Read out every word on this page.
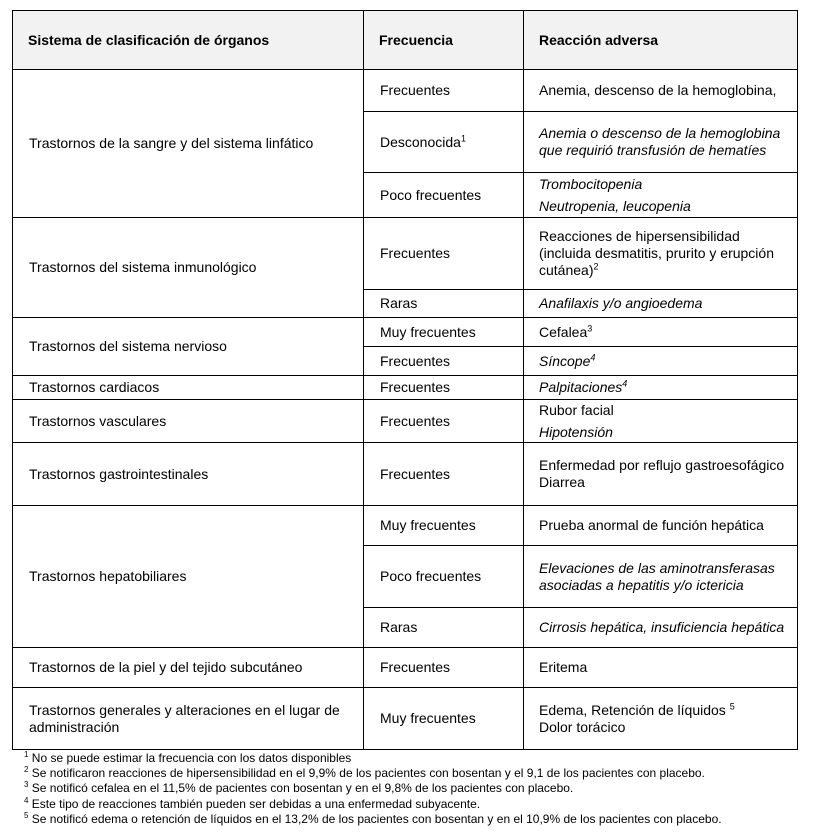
Sistema de clasificación de órganos	Frecuencia	Reacción adversa
Trastornos de la sangre y del sistema linfático	Frecuentes	Anemia, descenso de la hemoglobina,

	Desconocida$^1$	Anemia o descenso de la hemoglobina que requirió transfusión de hematíes

	Poco frecuentes	Trombocitopenia
Neutropenia, leucopenia

Trastornos del sistema inmunológico	Frecuentes	Reacciones de hipersensibilidad (incluida desmatitis, prurito y erupción cutánea)$^2$

	Raras	Anafilaxis y/o angioedema

Trastornos del sistema nervioso	Muy frecuentes	Cefalea$^3$

	Frecuentes	Síncope$^4$

Trastornos cardiacos	Frecuentes	Palpitaciones$^4$

Trastornos vasculares	Frecuentes	Rubor facial
Hipotensión

Trastornos gastrointestinales	Frecuentes	Enfermedad por reflujo gastroesofágico
Diarrea

Trastornos hepatobiliares	Muy frecuentes	Prueba anormal de función hepática

	Poco frecuentes	Elevaciones de las aminotransferasas asociadas a hepatitis y/o ictericia

	Raras	Cirrosis hepática, insuficiencia hepática

Trastornos de la piel y del tejido subcutáneo	Frecuentes	Eritema

Trastornos generales y alteraciones en el lugar de administración	Muy frecuentes	Edema, Retención de líquidos $^5$
Dolor torácico
$^1$ No se puede estimar la frecuencia con los datos disponibles
$^2$ Se notificaron reacciones de hipersensibilidad en el 9,9% de los pacientes con bosentan y el 9,1 de los pacientes con placebo.
$^3$ Se notificó cefalea en el 11,5% de pacientes con bosentan y en el 9,8% de los pacientes con placebo.
$^4$ Este tipo de reacciones también pueden ser debidas a una enfermedad subyacente.
$^5$ Se notificó edema o retención de líquidos en el 13,2% de los pacientes con bosentan y en el 10,9% de los pacientes con placebo.
